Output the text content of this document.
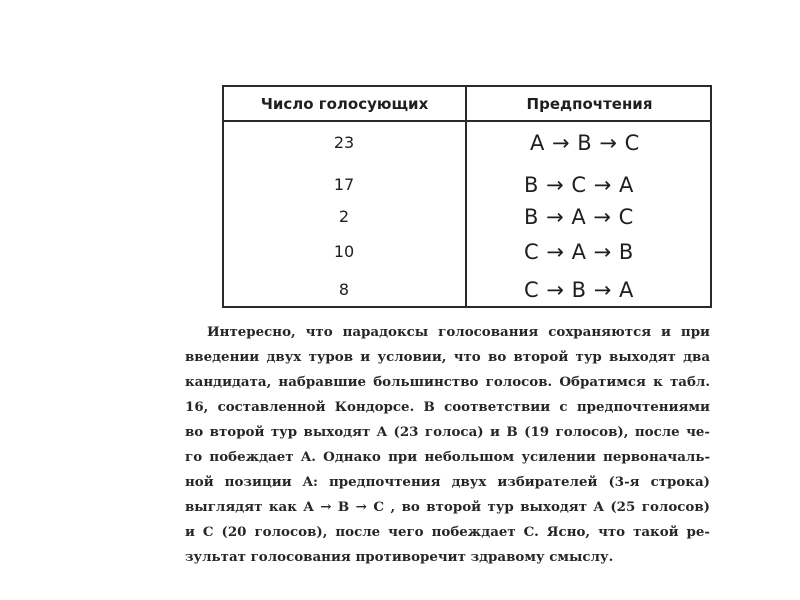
Число голосующих	Предпочтения
23	A → B → C
17	B → C → A
2	B → A → C
10	C → A → B
8	C → B → A
Интересно, что парадоксы голосования сохраняются и при
введении двух туров и условии, что во второй тур выходят два
кандидата, набравшие большинство голосов. Обратимся к табл.
16, составленной Кондорсе. В соответствии с предпочтениями
во второй тур выходят A (23 голоса) и B (19 голосов), после че-
го побеждает A. Однако при небольшом усилении первоначаль-
ной позиции A: предпочтения двух избирателей (3-я строка)
выглядят как A → B → C , во второй тур выходят A (25 голосов)
и C (20 голосов), после чего побеждает C. Ясно, что такой ре-
зультат голосования противоречит здравому смыслу.
